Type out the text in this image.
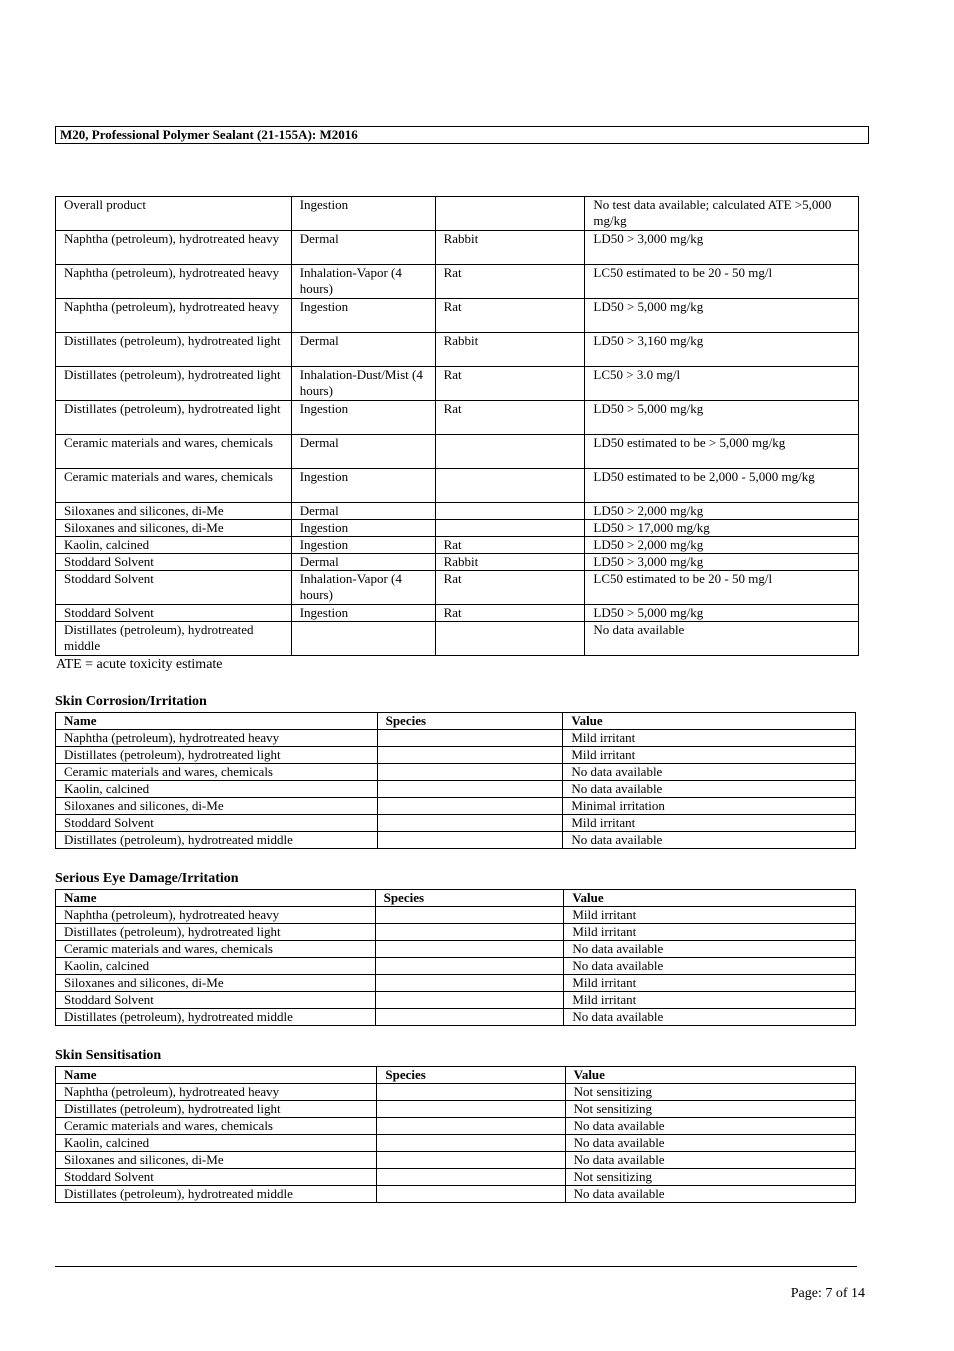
M20, Professional Polymer Sealant (21-155A): M2016
Overall product	Ingestion		No test data available; calculated ATE >5,000 mg/kg
Naphtha (petroleum), hydrotreated heavy	Dermal	Rabbit	LD50 > 3,000 mg/kg
Naphtha (petroleum), hydrotreated heavy	Inhalation-Vapor (4 hours)	Rat	LC50 estimated to be 20 - 50 mg/l
Naphtha (petroleum), hydrotreated heavy	Ingestion	Rat	LD50 > 5,000 mg/kg
Distillates (petroleum), hydrotreated light	Dermal	Rabbit	LD50 > 3,160 mg/kg
Distillates (petroleum), hydrotreated light	Inhalation-Dust/Mist (4 hours)	Rat	LC50 > 3.0 mg/l
Distillates (petroleum), hydrotreated light	Ingestion	Rat	LD50 > 5,000 mg/kg
Ceramic materials and wares, chemicals	Dermal		LD50 estimated to be > 5,000 mg/kg
Ceramic materials and wares, chemicals	Ingestion		LD50 estimated to be 2,000 - 5,000 mg/kg
Siloxanes and silicones, di-Me	Dermal		LD50 > 2,000 mg/kg
Siloxanes and silicones, di-Me	Ingestion		LD50 > 17,000 mg/kg
Kaolin, calcined	Ingestion	Rat	LD50 > 2,000 mg/kg
Stoddard Solvent	Dermal	Rabbit	LD50 > 3,000 mg/kg
Stoddard Solvent	Inhalation-Vapor (4 hours)	Rat	LC50 estimated to be 20 - 50 mg/l
Stoddard Solvent	Ingestion	Rat	LD50 > 5,000 mg/kg
Distillates (petroleum), hydrotreated middle			No data available
ATE = acute toxicity estimate
Skin Corrosion/Irritation
Name	Species	Value
Naphtha (petroleum), hydrotreated heavy		Mild irritant
Distillates (petroleum), hydrotreated light		Mild irritant
Ceramic materials and wares, chemicals		No data available
Kaolin, calcined		No data available
Siloxanes and silicones, di-Me		Minimal irritation
Stoddard Solvent		Mild irritant
Distillates (petroleum), hydrotreated middle		No data available
Serious Eye Damage/Irritation
Name	Species	Value
Naphtha (petroleum), hydrotreated heavy		Mild irritant
Distillates (petroleum), hydrotreated light		Mild irritant
Ceramic materials and wares, chemicals		No data available
Kaolin, calcined		No data available
Siloxanes and silicones, di-Me		Mild irritant
Stoddard Solvent		Mild irritant
Distillates (petroleum), hydrotreated middle		No data available
Skin Sensitisation
Name	Species	Value
Naphtha (petroleum), hydrotreated heavy		Not sensitizing
Distillates (petroleum), hydrotreated light		Not sensitizing
Ceramic materials and wares, chemicals		No data available
Kaolin, calcined		No data available
Siloxanes and silicones, di-Me		No data available
Stoddard Solvent		Not sensitizing
Distillates (petroleum), hydrotreated middle		No data available
Page: 7 of 14
